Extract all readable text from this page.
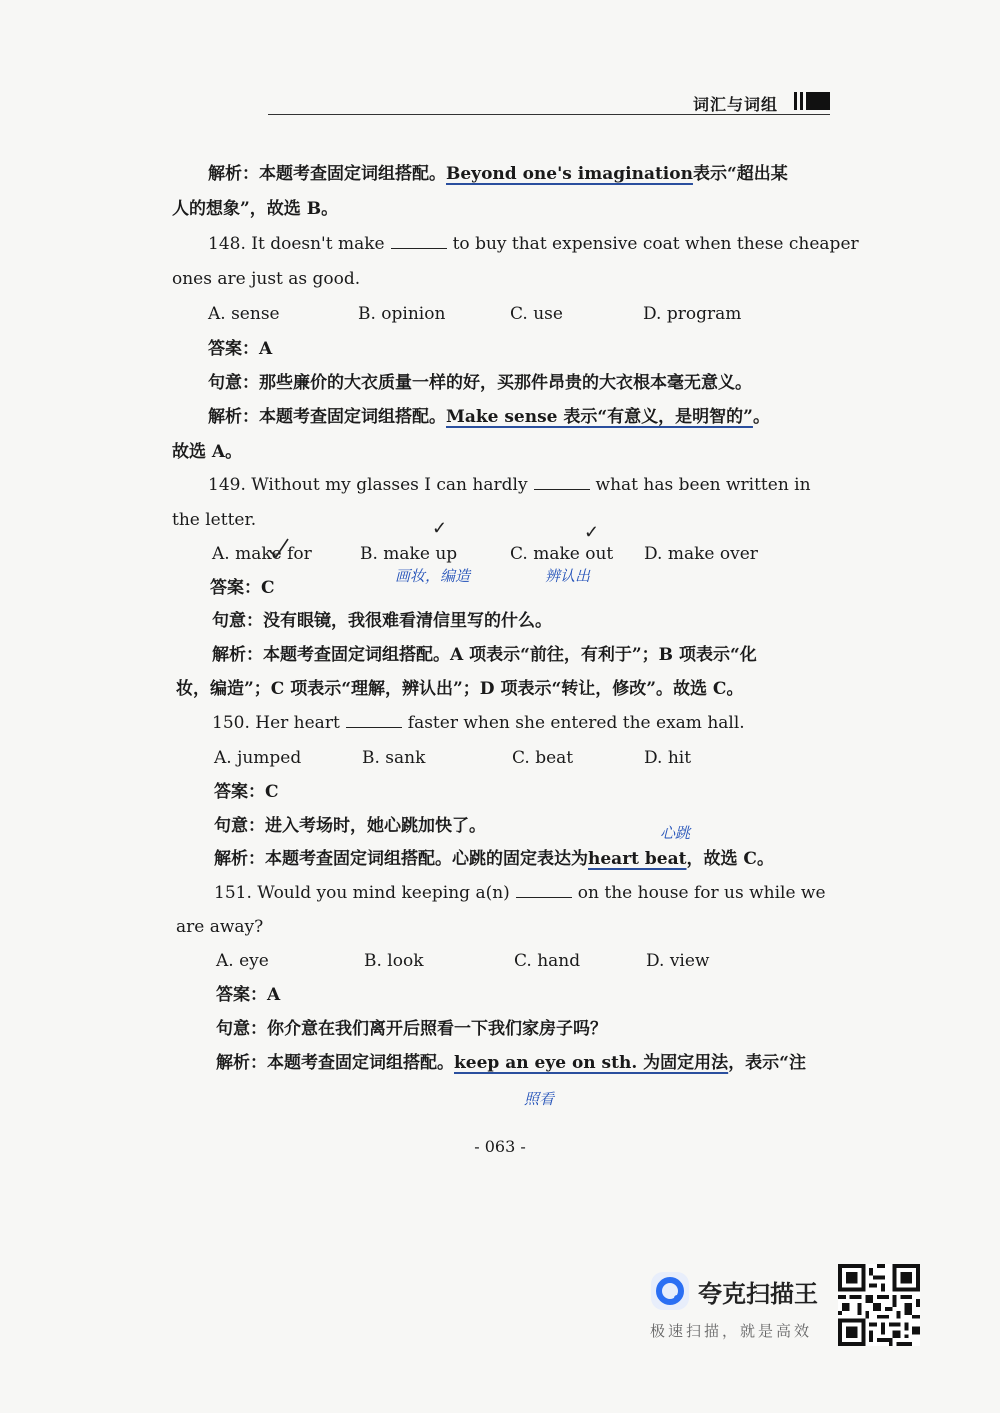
词汇与词组
解析：本题考查固定词组搭配。Beyond one's imagination表示“超出某
人的想象”，故选 B。
148. It doesn't make	to buy that expensive coat when these cheaper
ones are just as good.
A. sense	B. opinion	C. use	D. program
答案：A
句意：那些廉价的大衣质量一样的好，买那件昂贵的大衣根本毫无意义。
解析：本题考查固定词组搭配。Make sense 表示“有意义，是明智的”。
故选 A。
149. Without my glasses I can hardly	what has been written in
the letter.
A. make for	B. make up
✓
C. make out
✓
D. make over
画妆，编造	辨认出
答案：C
句意：没有眼镜，我很难看清信里写的什么。
解析：本题考查固定词组搭配。A 项表示“前往，有利于”；B 项表示“化
妆，编造”；C 项表示“理解，辨认出”；D 项表示“转让，修改”。故选 C。
150. Her heart	faster when she entered the exam hall.
A. jumped	B. sank	C. beat	D. hit
答案：C
句意：进入考场时，她心跳加快了。	心跳
解析：本题考查固定词组搭配。心跳的固定表达为heart beat，故选 C。
151. Would you mind keeping a(n)	on the house for us while we
are away?
A. eye	B. look	C. hand	D. view
答案：A
句意：你介意在我们离开后照看一下我们家房子吗？
解析：本题考查固定词组搭配。keep an eye on sth. 为固定用法，表示“注
照看
- 063 -
夸克扫描王
极速扫描，就是高效
